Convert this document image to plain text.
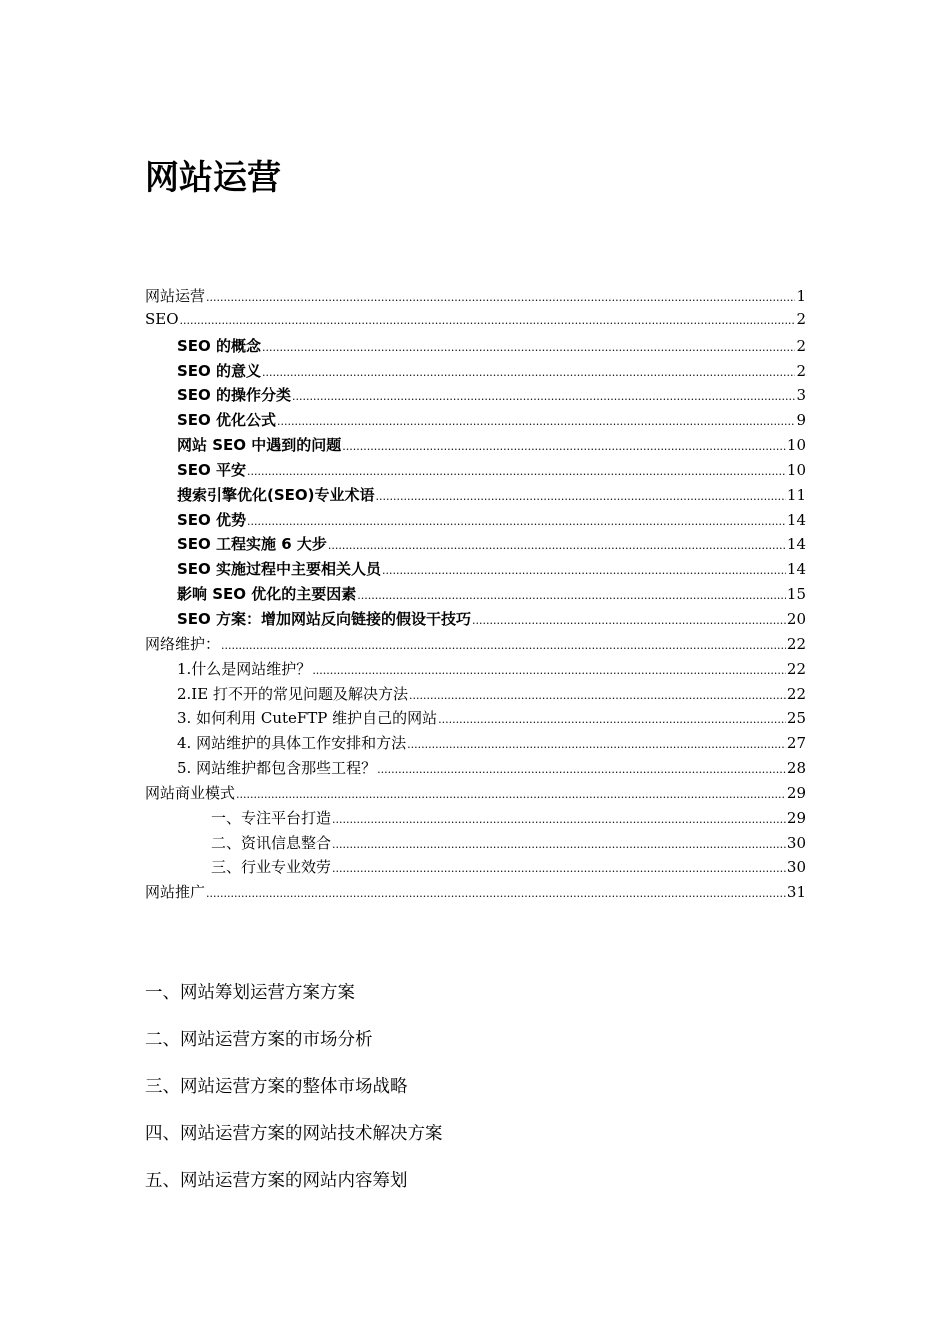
网站运营
网站运营 .....	1
SEO .....	2
SEO 的概念 .....	2
SEO 的意义 .....	2
SEO 的操作分类 .....	3
SEO 优化公式 .....	9
网站 SEO 中遇到的问题 .....	10
SEO 平安 .....	10
搜索引擎优化(SEO)专业术语 .....	11
SEO 优势 .....	14
SEO 工程实施 6 大步 .....	14
SEO 实施过程中主要相关人员 .....	14
影响 SEO 优化的主要因素 .....	15
SEO 方案：增加网站反向链接的假设干技巧 .....	20
网络维护： .....	22
1.什么是网站维护？ .....	22
2.IE 打不开的常见问题及解决方法 .....	22
3. 如何利用 CuteFTP 维护自己的网站 .....	25
4. 网站维护的具体工作安排和方法 .....	27
5. 网站维护都包含那些工程？ .....	28
网站商业模式 .....	29
一、专注平台打造 .....	29
二、资讯信息整合 .....	30
三、行业专业效劳 .....	30
网站推广 .....	31

一、网站筹划运营方案方案

二、网站运营方案的市场分析

三、网站运营方案的整体市场战略

四、网站运营方案的网站技术解决方案

五、网站运营方案的网站内容筹划
